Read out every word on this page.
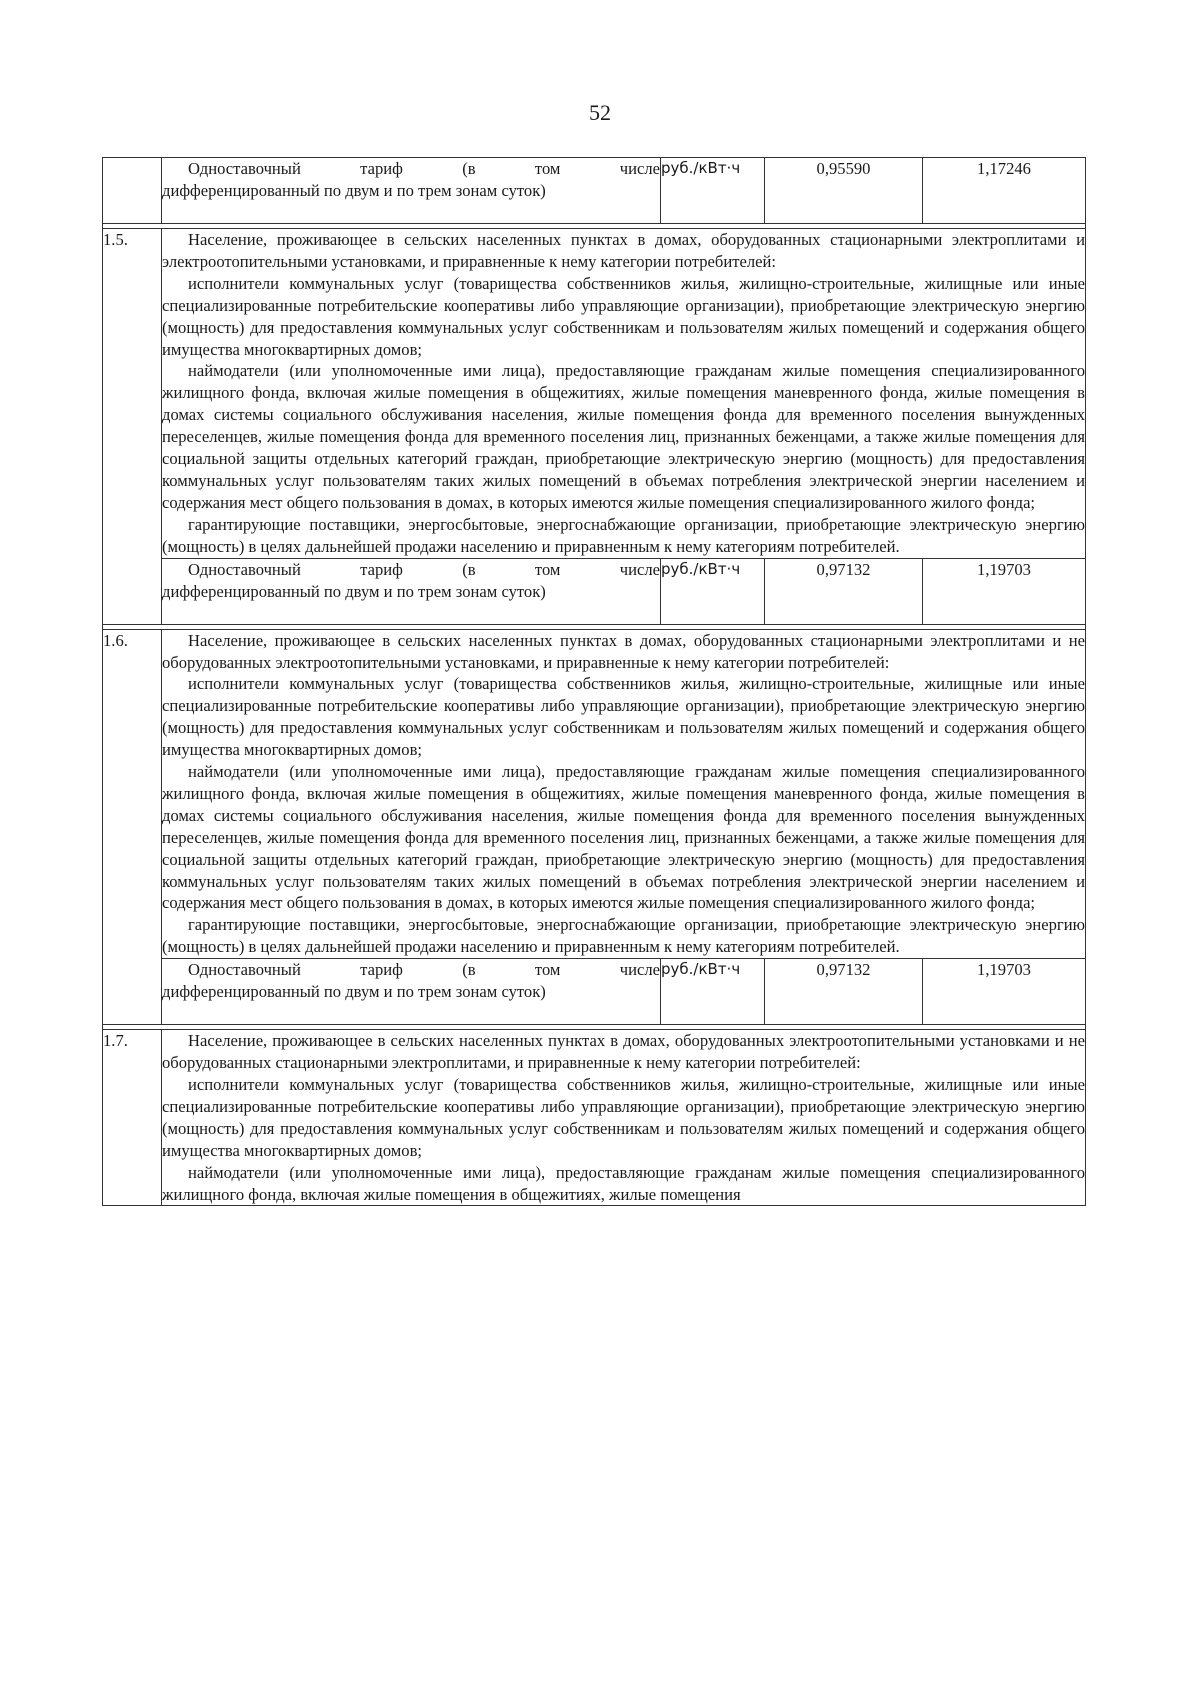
52

	Одноставочный тариф (в том числе
дифференцированный по двум и по трем зонам суток)	руб./кВт·ч	0,95590	1,17246

1.5.	Население, проживающее в сельских населенных пунктах в домах, оборудованных стационарными электроплитами и электроотопительными установками, и приравненные к нему категории потребителей:

исполнители коммунальных услуг (товарищества собственников жилья, жилищно-строительные, жилищные или иные специализированные потребительские кооперативы либо управляющие организации), приобретающие электрическую энергию (мощность) для предоставления коммунальных услуг собственникам и пользователям жилых помещений и содержания общего имущества многоквартирных домов;

наймодатели (или уполномоченные ими лица), предоставляющие гражданам жилые помещения специализированного жилищного фонда, включая жилые помещения в общежитиях, жилые помещения маневренного фонда, жилые помещения в домах системы социального обслуживания населения, жилые помещения фонда для временного поселения вынужденных переселенцев, жилые помещения фонда для временного поселения лиц, признанных беженцами, а также жилые помещения для социальной защиты отдельных категорий граждан, приобретающие электрическую энергию (мощность) для предоставления коммунальных услуг пользователям таких жилых помещений в объемах потребления электрической энергии населением и содержания мест общего пользования в домах, в которых имеются жилые помещения специализированного жилого фонда;

гарантирующие поставщики, энергосбытовые, энергоснабжающие организации, приобретающие электрическую энергию (мощность) в целях дальнейшей продажи населению и приравненным к нему категориям потребителей.			

	Одноставочный тариф (в том числе
дифференцированный по двум и по трем зонам суток)	руб./кВт·ч	0,97132	1,19703

1.6.	Население, проживающее в сельских населенных пунктах в домах, оборудованных стационарными электроплитами и не оборудованных электроотопительными установками, и приравненные к нему категории потребителей:

исполнители коммунальных услуг (товарищества собственников жилья, жилищно-строительные, жилищные или иные специализированные потребительские кооперативы либо управляющие организации), приобретающие электрическую энергию (мощность) для предоставления коммунальных услуг собственникам и пользователям жилых помещений и содержания общего имущества многоквартирных домов;

наймодатели (или уполномоченные ими лица), предоставляющие гражданам жилые помещения специализированного жилищного фонда, включая жилые помещения в общежитиях, жилые помещения маневренного фонда, жилые помещения в домах системы социального обслуживания населения, жилые помещения фонда для временного поселения вынужденных переселенцев, жилые помещения фонда для временного поселения лиц, признанных беженцами, а также жилые помещения для социальной защиты отдельных категорий граждан, приобретающие электрическую энергию (мощность) для предоставления коммунальных услуг пользователям таких жилых помещений в объемах потребления электрической энергии населением и содержания мест общего пользования в домах, в которых имеются жилые помещения специализированного жилого фонда;

гарантирующие поставщики, энергосбытовые, энергоснабжающие организации, приобретающие электрическую энергию (мощность) в целях дальнейшей продажи населению и приравненным к нему категориям потребителей.			

	Одноставочный тариф (в том числе
дифференцированный по двум и по трем зонам суток)	руб./кВт·ч	0,97132	1,19703

1.7.	Население, проживающее в сельских населенных пунктах в домах, оборудованных электроотопительными установками и не оборудованных стационарными электроплитами, и приравненные к нему категории потребителей:

исполнители коммунальных услуг (товарищества собственников жилья, жилищно-строительные, жилищные или иные специализированные потребительские кооперативы либо управляющие организации), приобретающие электрическую энергию (мощность) для предоставления коммунальных услуг собственникам и пользователям жилых помещений и содержания общего имущества многоквартирных домов;

наймодатели (или уполномоченные ими лица), предоставляющие гражданам жилые помещения специализированного жилищного фонда, включая жилые помещения в общежитиях, жилые помещения			
